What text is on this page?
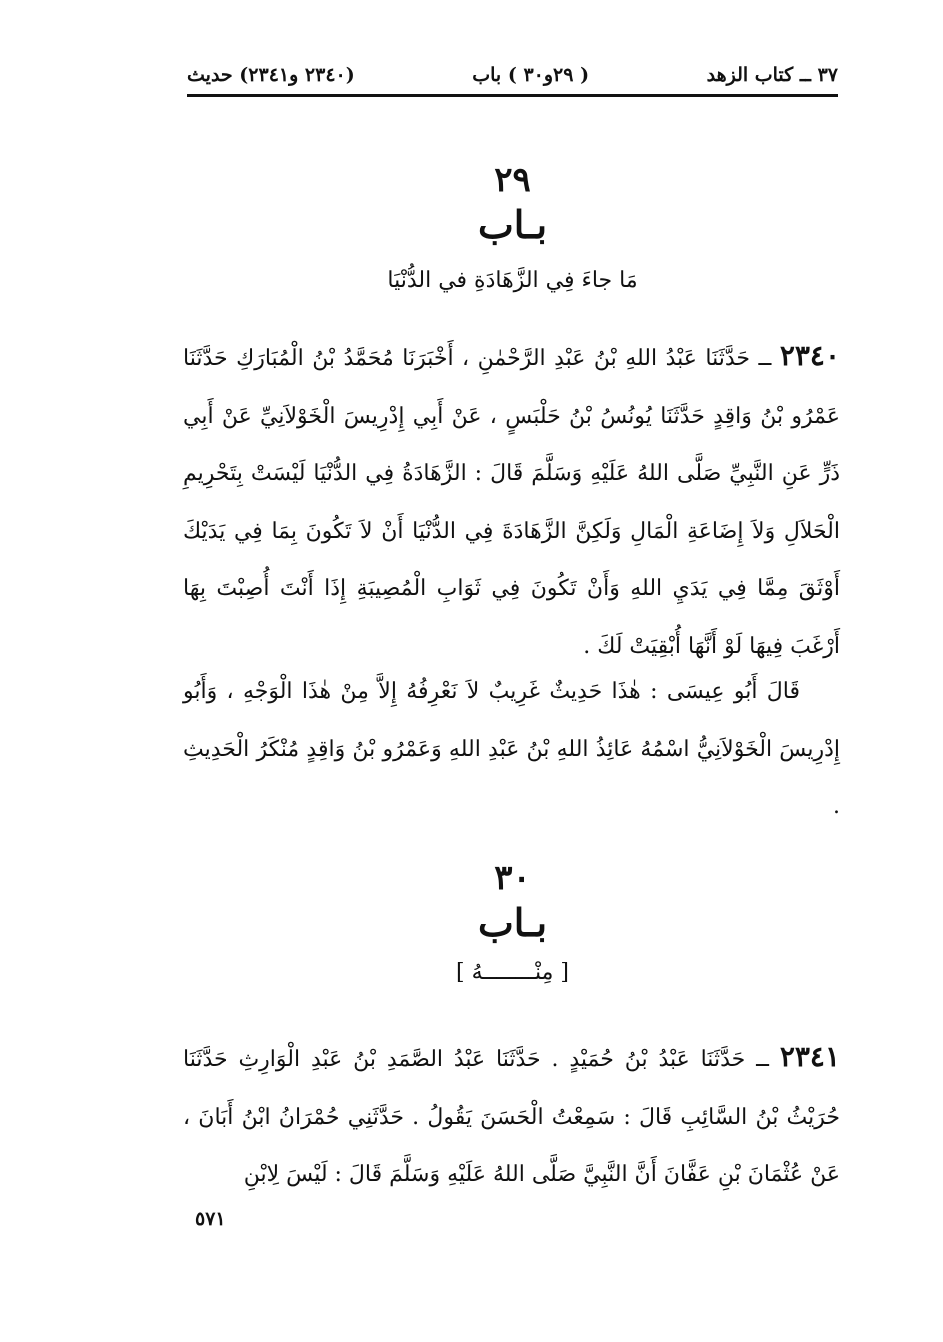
٣٧ ــ كتاب الزهد
( ٢٩و٣٠ ) باب
(٢٣٤٠ و٢٣٤١) حديث
٢٩
بـاب
مَا جاءَ فِي الزَّهَادَةِ في الدُّنْيَا
٢٣٤٠ ــ حَدَّثَنَا عَبْدُ اللهِ بْنُ عَبْدِ الرَّحْمٰنِ ، أَخْبَرَنَا مُحَمَّدُ بْنُ الْمُبَارَكِ حَدَّثَنَا عَمْرُو بْنُ وَاقِدٍ حَدَّثَنَا يُونُسُ بْنُ حَلْبَسٍ ، عَنْ أَبِي إِدْرِيسَ الْخَوْلاَنِيِّ عَنْ أَبِي ذَرٍّ عَنِ النَّبِيِّ صَلَّى اللهُ عَلَيْهِ وَسَلَّمَ قَالَ : الزَّهَادَةُ فِي الدُّنْيَا لَيْسَتْ بِتَحْرِيمِ الْحَلاَلِ وَلاَ إِضَاعَةِ الْمَالِ وَلَكِنَّ الزَّهَادَةَ فِي الدُّنْيَا أَنْ لاَ تَكُونَ بِمَا فِي يَدَيْكَ أَوْثَقَ مِمَّا فِي يَدَيِ اللهِ وَأَنْ تَكُونَ فِي ثَوَابِ الْمُصِيبَةِ إِذَا أَنْتَ أُصِبْتَ بِهَا أَرْغَبَ فِيهَا لَوْ أَنَّهَا أُبْقِيَتْ لَكَ .
قَالَ أَبُو عِيسَى : هٰذَا حَدِيثٌ غَرِيبٌ لاَ نَعْرِفُهُ إِلاَّ مِنْ هٰذَا الْوَجْهِ ، وَأَبُو إِدْرِيسَ الْخَوْلاَنِيُّ اسْمُهُ عَائِذُ اللهِ بْنُ عَبْدِ اللهِ وَعَمْرُو بْنُ وَاقِدٍ مُنْكَرُ الْحَدِيثِ .
٣٠
بـاب
[ مِنْــــــــهُ ]
٢٣٤١ ــ حَدَّثَنَا عَبْدُ بْنُ حُمَيْدٍ . حَدَّثَنَا عَبْدُ الصَّمَدِ بْنُ عَبْدِ الْوَارِثِ حَدَّثَنَا حُرَيْثُ بْنُ السَّائِبِ قَالَ : سَمِعْتُ الْحَسَنَ يَقُولُ . حَدَّثَنِي حُمْرَانُ ابْنُ أَبَانَ ، عَنْ عُثْمَانَ بْنِ عَفَّانَ أَنَّ النَّبِيَّ صَلَّى اللهُ عَلَيْهِ وَسَلَّمَ قَالَ : لَيْسَ لِابْنِ
٥٧١
